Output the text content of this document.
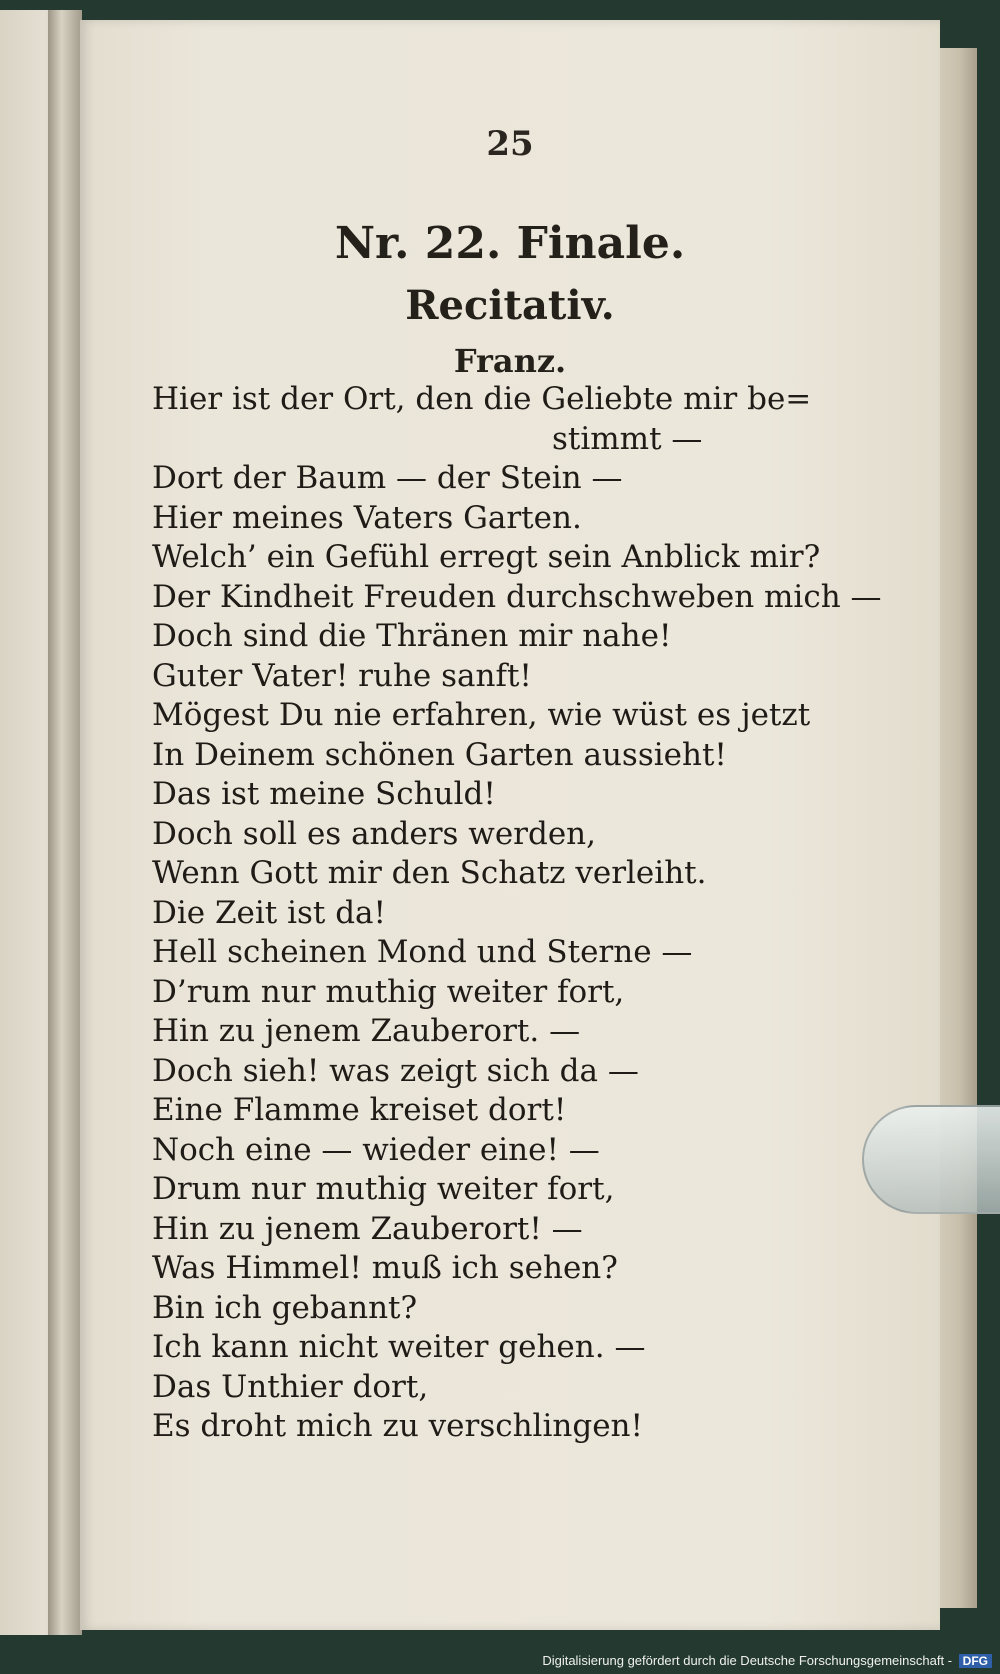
25
Nr. 22. Finale.
Recitativ.
Franz.
Hier ist der Ort, den die Geliebte mir be=
stimmt —
Dort der Baum — der Stein —
Hier meines Vaters Garten.
Welch’ ein Gefühl erregt sein Anblick mir?
Der Kindheit Freuden durchschweben mich —
Doch sind die Thränen mir nahe!
Guter Vater! ruhe sanft!
Mögest Du nie erfahren, wie wüst es jetzt
In Deinem schönen Garten aussieht!
Das ist meine Schuld!
Doch soll es anders werden,
Wenn Gott mir den Schatz verleiht.
Die Zeit ist da!
Hell scheinen Mond und Sterne —
D’rum nur muthig weiter fort,
Hin zu jenem Zauberort. —
Doch sieh! was zeigt sich da —
Eine Flamme kreiset dort!
Noch eine — wieder eine! —
Drum nur muthig weiter fort,
Hin zu jenem Zauberort! —
Was Himmel! muß ich sehen?
Bin ich gebannt?
Ich kann nicht weiter gehen. —
Das Unthier dort,
Es droht mich zu verschlingen!
Digitalisierung gefördert durch die Deutsche Forschungsgemeinschaft - DFG
